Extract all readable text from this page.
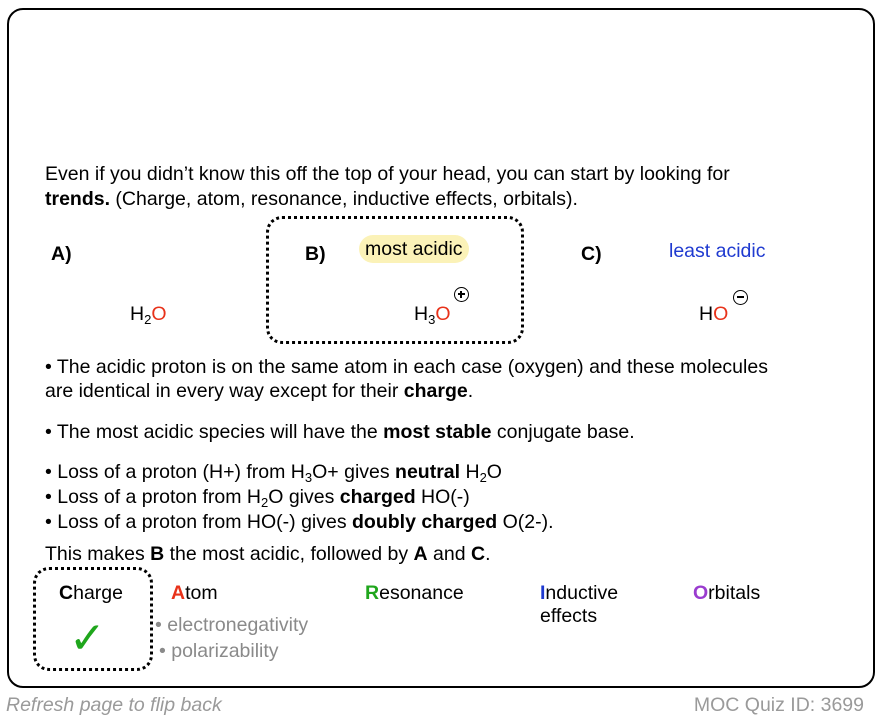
Even if you didn’t know this off the top of your head, you can start by looking for
trends. (Charge, atom, resonance, inductive effects, orbitals).
A)	B)	C)
most acidic	least acidic
$H_2O$	$H_3O$	HO
• The acidic proton is on the same atom in each case (oxygen) and these molecules
are identical in every way except for their charge.
• The most acidic species will have the most stable conjugate base.
• Loss of a proton (H+) from $H_3O+$ gives neutral $H_2O$
• Loss of a proton from $H_2O$ gives charged HO(-)
• Loss of a proton from HO(-) gives doubly charged O(2-).
This makes B the most acidic, followed by A and C.
Charge
✓
Atom
• electronegativity
• polarizability
Resonance	Inductive
effects
Orbitals
Refresh page to flip back	MOC Quiz ID: 3699
